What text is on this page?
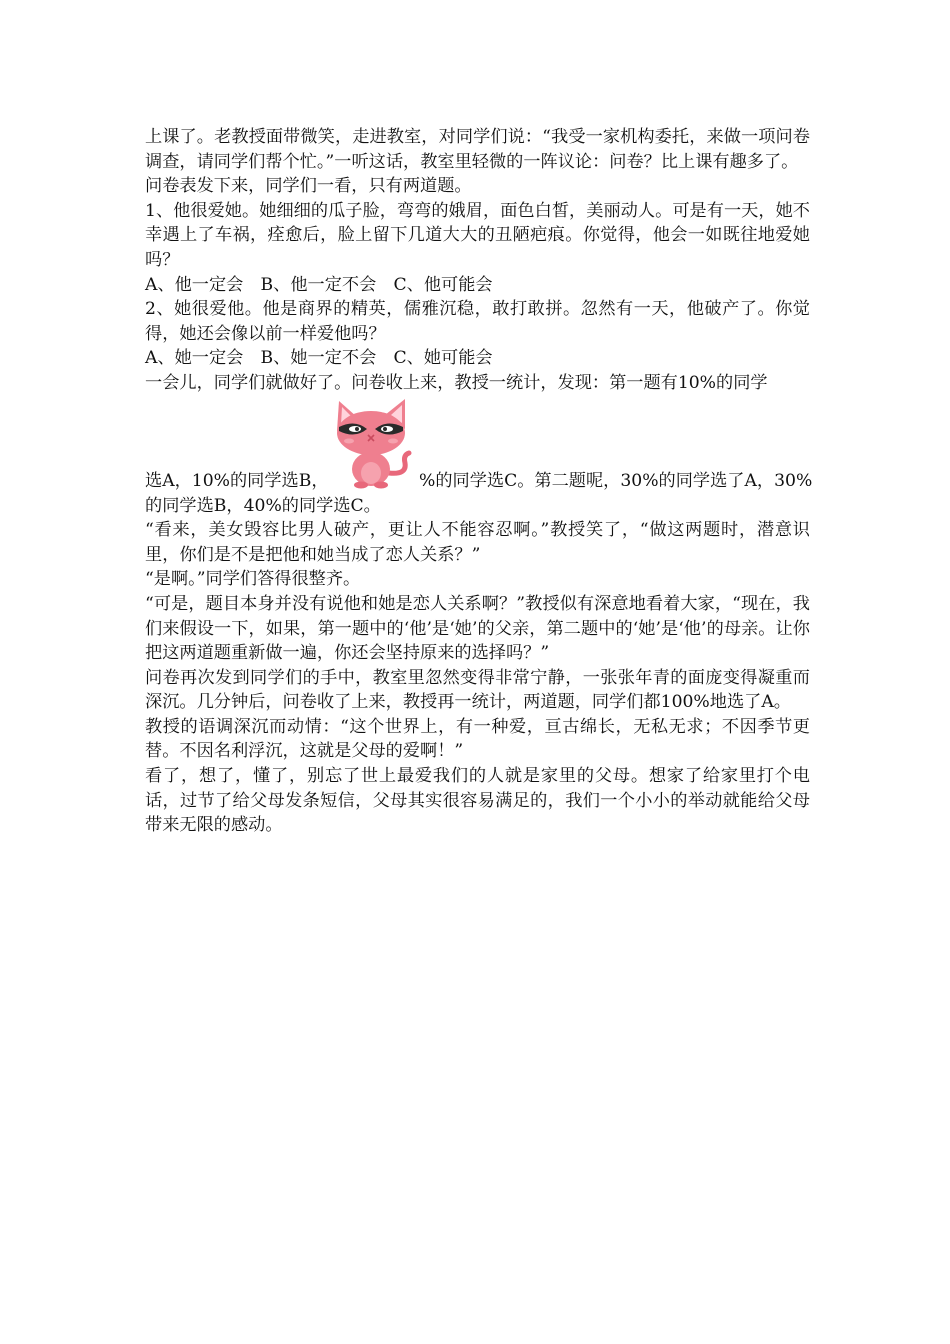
上课了。老教授面带微笑，走进教室，对同学们说：“我受一家机构委托，来做一项问卷调查，请同学们帮个忙。”一听这话，教室里轻微的一阵议论：问卷？比上课有趣多了。

问卷表发下来，同学们一看，只有两道题。

1、他很爱她。她细细的瓜子脸，弯弯的娥眉，面色白皙，美丽动人。可是有一天，她不幸遇上了车祸，痊愈后，脸上留下几道大大的丑陋疤痕。你觉得，他会一如既往地爱她吗？

A、他一定会　B、他一定不会　C、他可能会

2、她很爱他。他是商界的精英，儒雅沉稳，敢打敢拼。忽然有一天，他破产了。你觉得，她还会像以前一样爱他吗？

A、她一定会　B、她一定不会　C、她可能会

一会儿，同学们就做好了。问卷收上来，教授一统计，发现：第一题有10%的同学

选A，10%的同学选B，	%的同学选C。第二题呢，30%的同学选了A，30%

的同学选B，40%的同学选C。

“看来，美女毁容比男人破产，更让人不能容忍啊。”教授笑了，“做这两题时，潜意识里，你们是不是把他和她当成了恋人关系？”

“是啊。”同学们答得很整齐。

“可是，题目本身并没有说他和她是恋人关系啊？”教授似有深意地看着大家，“现在，我们来假设一下，如果，第一题中的‘他’是‘她’的父亲，第二题中的‘她’是‘他’的母亲。让你把这两道题重新做一遍，你还会坚持原来的选择吗？”

问卷再次发到同学们的手中，教室里忽然变得非常宁静，一张张年青的面庞变得凝重而深沉。几分钟后，问卷收了上来，教授再一统计，两道题，同学们都100%地选了A。

教授的语调深沉而动情：“这个世界上，有一种爱，亘古绵长，无私无求；不因季节更替。不因名利浮沉，这就是父母的爱啊！”

看了，想了，懂了，别忘了世上最爱我们的人就是家里的父母。想家了给家里打个电话，过节了给父母发条短信，父母其实很容易满足的，我们一个小小的举动就能给父母带来无限的感动。
